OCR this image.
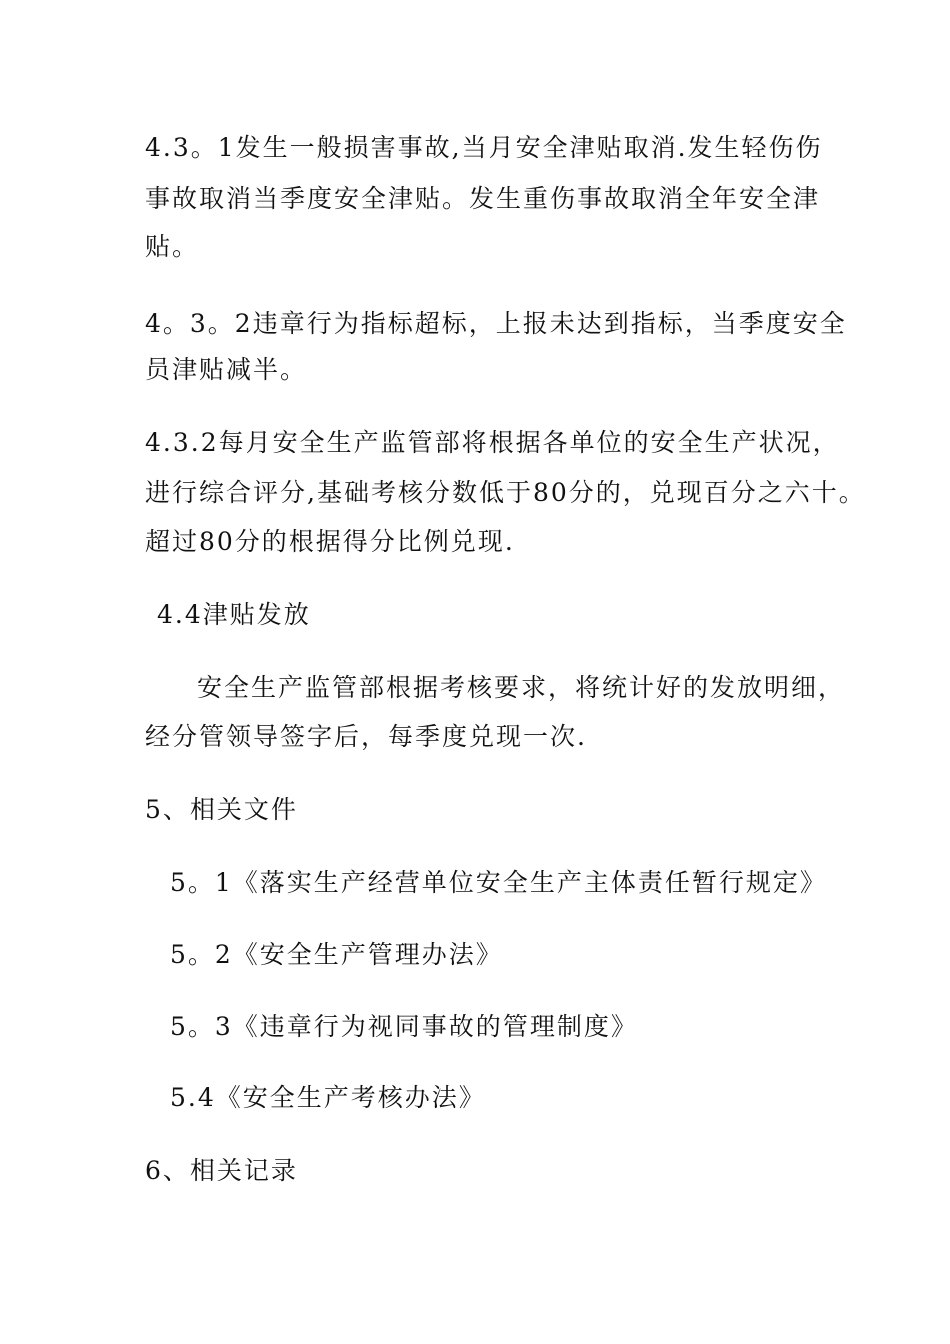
4.3。1发生一般损害事故,当月安全津贴取消.发生轻伤伤
事故取消当季度安全津贴。发生重伤事故取消全年安全津
贴。
4。3。2违章行为指标超标，上报未达到指标，当季度安全
员津贴减半。
4.3.2每月安全生产监管部将根据各单位的安全生产状况，
进行综合评分,基础考核分数低于80分的，兑现百分之六十。
超过80分的根据得分比例兑现.
4.4津贴发放
安全生产监管部根据考核要求，将统计好的发放明细，
经分管领导签字后，每季度兑现一次.
5、相关文件
5。1《落实生产经营单位安全生产主体责任暂行规定》
5。2《安全生产管理办法》
5。3《违章行为视同事故的管理制度》
5.4《安全生产考核办法》
6、相关记录
